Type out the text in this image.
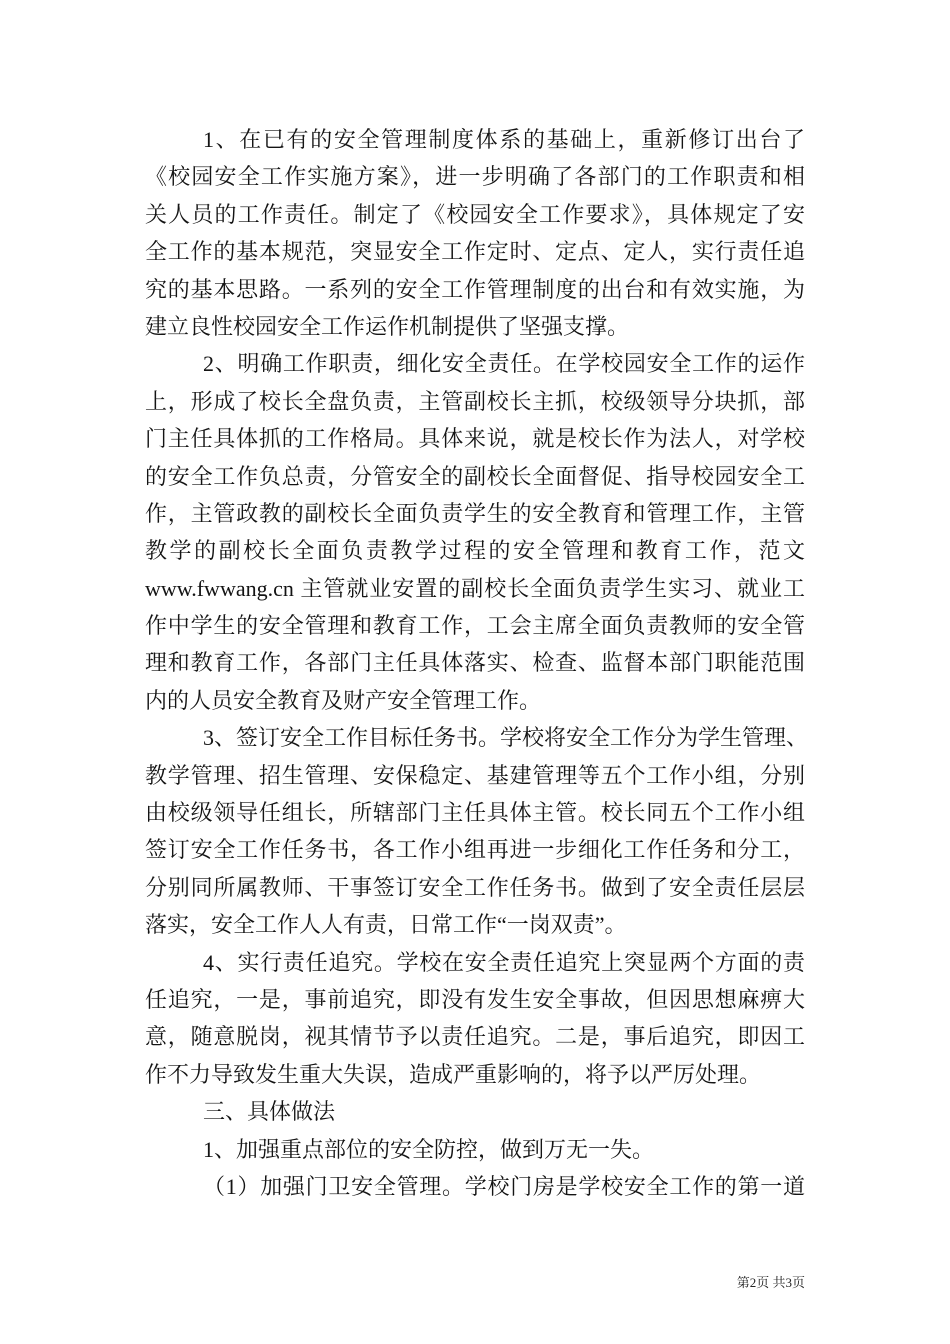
1、在已有的安全管理制度体系的基础上，重新修订出台了
《校园安全工作实施方案》，进一步明确了各部门的工作职责和相
关人员的工作责任。制定了《校园安全工作要求》，具体规定了安
全工作的基本规范，突显安全工作定时、定点、定人，实行责任追
究的基本思路。一系列的安全工作管理制度的出台和有效实施，为
建立良性校园安全工作运作机制提供了坚强支撑。
2、明确工作职责，细化安全责任。在学校园安全工作的运作
上，形成了校长全盘负责，主管副校长主抓，校级领导分块抓，部
门主任具体抓的工作格局。具体来说，就是校长作为法人，对学校
的安全工作负总责，分管安全的副校长全面督促、指导校园安全工
作，主管政教的副校长全面负责学生的安全教育和管理工作，主管
教学的副校长全面负责教学过程的安全管理和教育工作，范文
www.fwwang.cn 主管就业安置的副校长全面负责学生实习、就业工
作中学生的安全管理和教育工作，工会主席全面负责教师的安全管
理和教育工作，各部门主任具体落实、检查、监督本部门职能范围
内的人员安全教育及财产安全管理工作。
3、签订安全工作目标任务书。学校将安全工作分为学生管理、
教学管理、招生管理、安保稳定、基建管理等五个工作小组，分别
由校级领导任组长，所辖部门主任具体主管。校长同五个工作小组
签订安全工作任务书，各工作小组再进一步细化工作任务和分工，
分别同所属教师、干事签订安全工作任务书。做到了安全责任层层
落实，安全工作人人有责，日常工作“一岗双责”。
4、实行责任追究。学校在安全责任追究上突显两个方面的责
任追究，一是，事前追究，即没有发生安全事故，但因思想麻痹大
意，随意脱岗，视其情节予以责任追究。二是，事后追究，即因工
作不力导致发生重大失误，造成严重影响的，将予以严厉处理。
三、具体做法
1、加强重点部位的安全防控，做到万无一失。
（1）加强门卫安全管理。学校门房是学校安全工作的第一道
第2页 共3页
